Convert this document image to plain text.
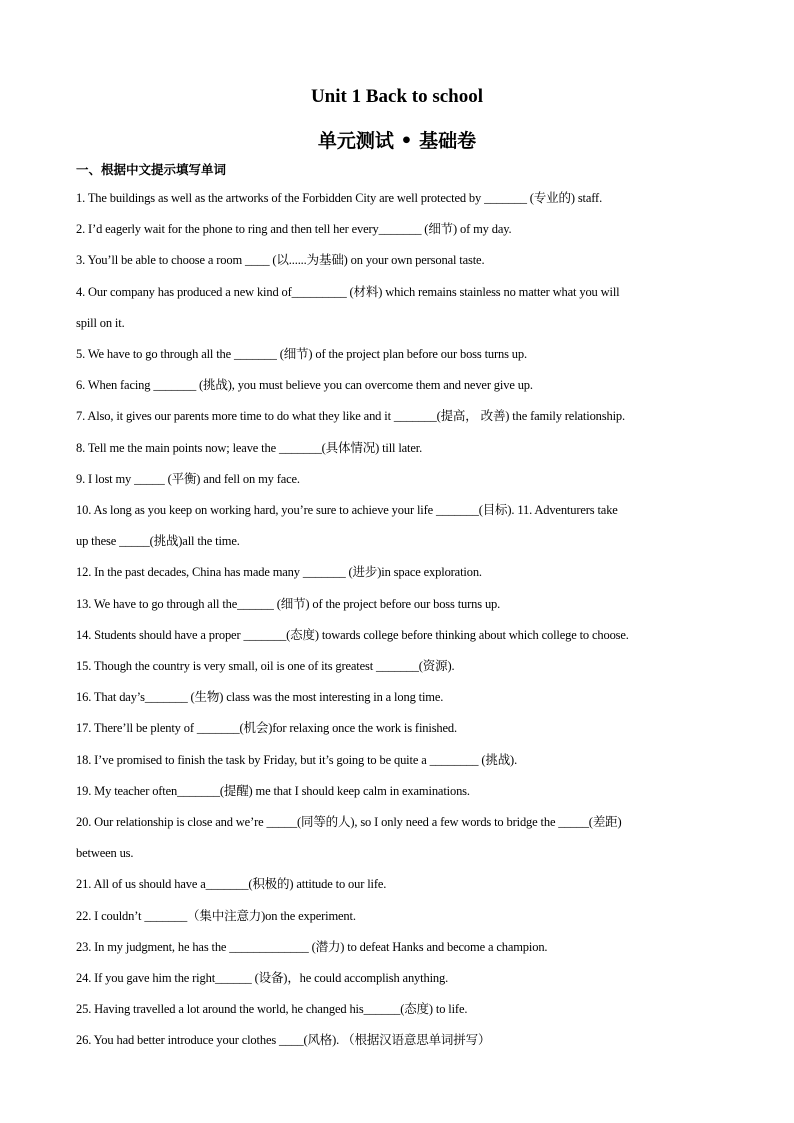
Unit 1 Back to school
单元测试 • 基础卷
一、根据中文提示填写单词

1. The buildings as well as the artworks of the Forbidden City are well protected by _______ (专业的) staff.

2. I’d eagerly wait for the phone to ring and then tell her every_______ (细节) of my day.

3. You’ll be able to choose a room ____ (以......为基础) on your own personal taste.

4. Our company has produced a new kind of_________ (材料) which remains stainless no matter what you will

spill on it.

5. We have to go through all the _______ (细节) of the project plan before our boss turns up.

6. When facing _______ (挑战), you must believe you can overcome them and never give up.

7. Also, it gives our parents more time to do what they like and it _______(提高， 改善) the family relationship.

8. Tell me the main points now; leave the _______(具体情况) till later.

9. I lost my _____ (平衡) and fell on my face.

10. As long as you keep on working hard, you’re sure to achieve your life _______(目标). 11. Adventurers take

up these _____(挑战)all the time.

12. In the past decades, China has made many _______ (进步)in space exploration.

13. We have to go through all the______ (细节) of the project before our boss turns up.

14. Students should have a proper _______(态度) towards college before thinking about which college to choose.

15. Though the country is very small, oil is one of its greatest _______(资源).

16. That day’s_______ (生物) class was the most interesting in a long time.

17. There’ll be plenty of _______(机会)for relaxing once the work is finished.

18. I’ve promised to finish the task by Friday, but it’s going to be quite a ________ (挑战).

19. My teacher often_______(提醒) me that I should keep calm in examinations.

20. Our relationship is close and we’re _____(同等的人), so I only need a few words to bridge the _____(差距)

between us.

21. All of us should have a_______(积极的) attitude to our life.

22. I couldn’t _______（集中注意力)on the experiment.

23. In my judgment, he has the _____________ (潜力) to defeat Hanks and become a champion.

24. If you gave him the right______ (设备)，he could accomplish anything.

25. Having travelled a lot around the world, he changed his______(态度) to life.

26. You had better introduce your clothes ____(风格). （根据汉语意思单词拼写）
